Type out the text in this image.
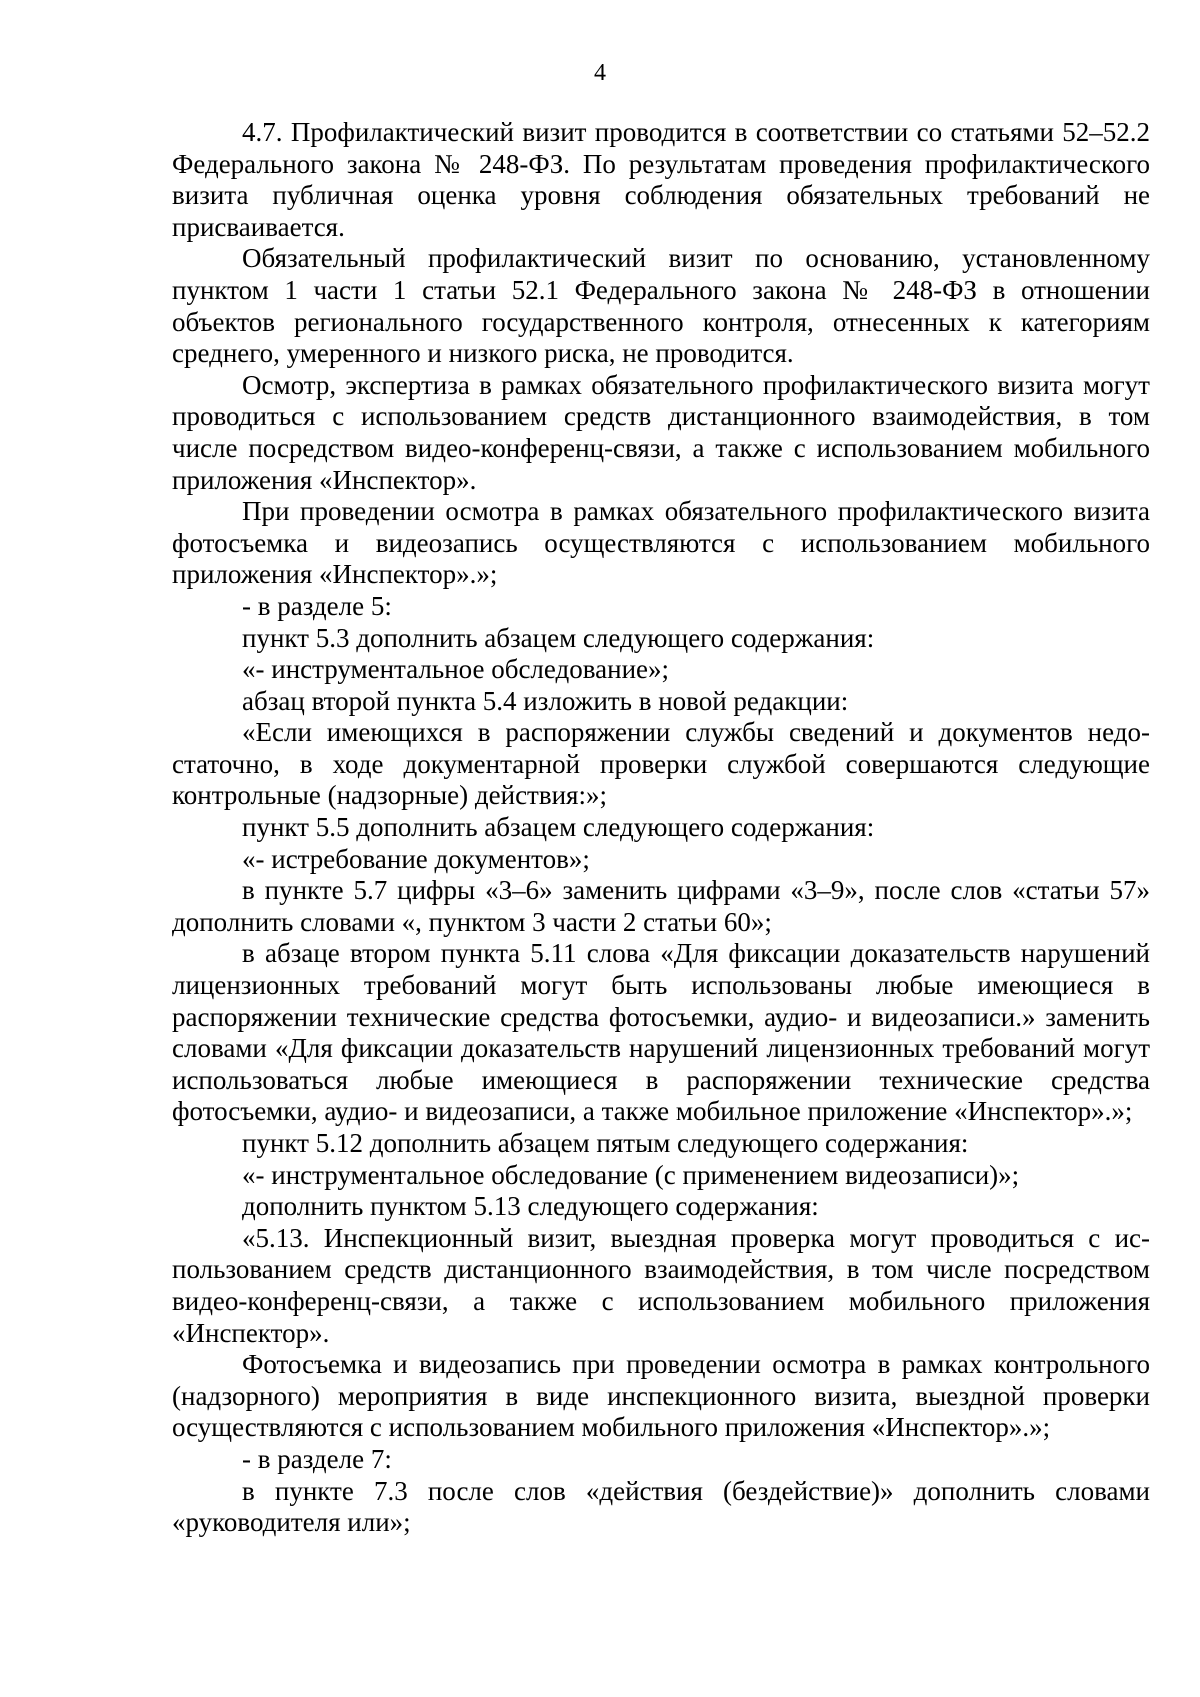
4

4.7. Профилактический визит проводится в соответствии со статьями 52–52.2 Федерального закона № 248-ФЗ. По результатам проведения профилактического визита публичная оценка уровня соблюдения обязательных требований не присваивается.

Обязательный профилактический визит по основанию, установленному пунктом 1 части 1 статьи 52.1 Федерального закона № 248-ФЗ в отношении объектов регионального государственного контроля, отнесенных к категориям среднего, умеренного и низкого риска, не проводится.

Осмотр, экспертиза в рамках обязательного профилактического визита могут проводиться с использованием средств дистанционного взаимодействия, в том числе посредством видео-конференц-связи, а также с использованием мобильного приложения «Инспектор».

При проведении осмотра в рамках обязательного профилактического визита фотосъемка и видеозапись осуществляются с использованием мобильного приложения «Инспектор».»;

- в разделе 5:

пункт 5.3 дополнить абзацем следующего содержания:

«- инструментальное обследование»;

абзац второй пункта 5.4 изложить в новой редакции:

«Если имеющихся в распоряжении службы сведений и документов недостаточно, в ходе документарной проверки службой совершаются следующие контрольные (надзорные) действия:»;

пункт 5.5 дополнить абзацем следующего содержания:

«- истребование документов»;

в пункте 5.7 цифры «3–6» заменить цифрами «3–9», после слов «статьи 57» дополнить словами «, пунктом 3 части 2 статьи 60»;

в абзаце втором пункта 5.11 слова «Для фиксации доказательств нарушений лицензионных требований могут быть использованы любые имеющиеся в распоряжении технические средства фотосъемки, аудио- и видеозаписи.» заменить словами «Для фиксации доказательств нарушений лицензионных требований могут использоваться любые имеющиеся в распоряжении технические средства фотосъемки, аудио- и видеозаписи, а также мобильное приложение «Инспектор».»;

пункт 5.12 дополнить абзацем пятым следующего содержания:

«- инструментальное обследование (с применением видеозаписи)»;

дополнить пунктом 5.13 следующего содержания:

«5.13. Инспекционный визит, выездная проверка могут проводиться с использованием средств дистанционного взаимодействия, в том числе посредством видео-конференц-связи, а также с использованием мобильного приложения «Инспектор».

Фотосъемка и видеозапись при проведении осмотра в рамках контрольного (надзорного) мероприятия в виде инспекционного визита, выездной проверки осуществляются с использованием мобильного приложения «Инспектор».»;

- в разделе 7:

в пункте 7.3 после слов «действия (бездействие)» дополнить словами «руководителя или»;
